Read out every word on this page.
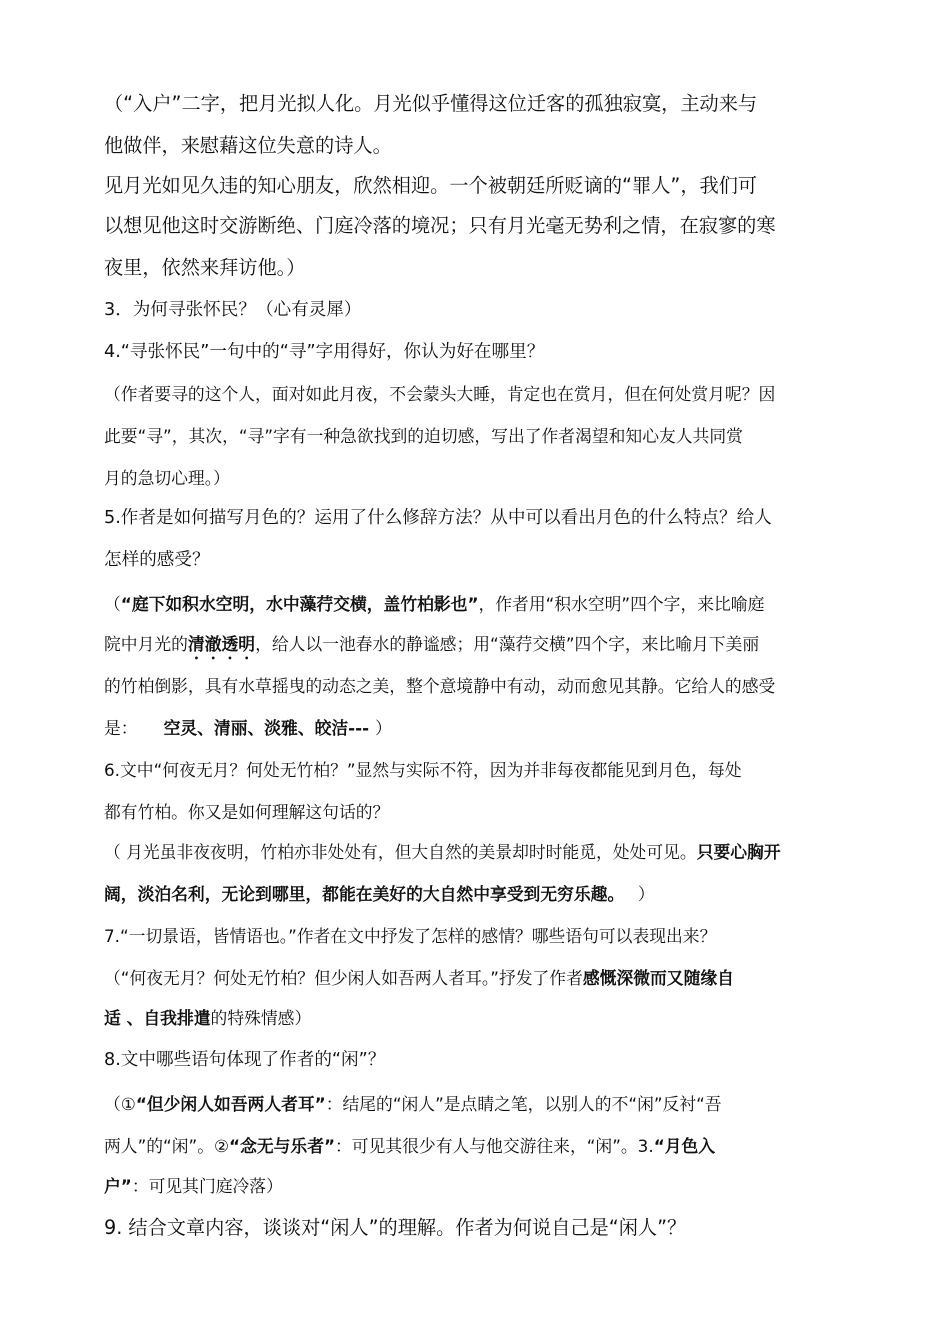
（“入户”二字，把月光拟人化。月光似乎懂得这位迁客的孤独寂寞，主动来与
他做伴，来慰藉这位失意的诗人。
见月光如见久违的知心朋友，欣然相迎。一个被朝廷所贬谪的“罪人”，我们可
以想见他这时交游断绝、门庭冷落的境况；只有月光毫无势利之情，在寂寥的寒
夜里，依然来拜访他。）
3．为何寻张怀民？（心有灵犀）
4.“寻张怀民”一句中的“寻”字用得好，你认为好在哪里？
（作者要寻的这个人，面对如此月夜，不会蒙头大睡，肯定也在赏月，但在何处赏月呢？因
此要“寻”，其次，“寻”字有一种急欲找到的迫切感，写出了作者渴望和知心友人共同赏
月的急切心理。）
5.作者是如何描写月色的？运用了什么修辞方法？从中可以看出月色的什么特点？给人
怎样的感受？
（“庭下如积水空明，水中藻荇交横，盖竹柏影也”，作者用“积水空明”四个字，来比喻庭
院中月光的清澈透明，给人以一池春水的静谧感；用“藻荇交横”四个字，来比喻月下美丽
的竹柏倒影，具有水草摇曳的动态之美，整个意境静中有动，动而愈见其静。它给人的感受
是： 空灵、清丽、淡雅、皎洁--- ）
6.文中“何夜无月？何处无竹柏？”显然与实际不符，因为并非每夜都能见到月色，每处
都有竹柏。你又是如何理解这句话的？
（ 月光虽非夜夜明，竹柏亦非处处有，但大自然的美景却时时能觅，处处可见。只要心胸开
阔，淡泊名利，无论到哪里，都能在美好的大自然中享受到无穷乐趣。 ）
7.“一切景语，皆情语也。”作者在文中抒发了怎样的感情？哪些语句可以表现出来？
（“何夜无月？何处无竹柏？但少闲人如吾两人者耳。”抒发了作者感慨深微而又随缘自
适 、自我排遣的特殊情感）
8.文中哪些语句体现了作者的“闲”？
（①“但少闲人如吾两人者耳”：结尾的“闲人”是点睛之笔，以别人的不“闲”反衬“吾
两人”的“闲”。②“念无与乐者”：可见其很少有人与他交游往来，“闲”。3.“月色入
户”：可见其门庭冷落）
9. 结合文章内容，谈谈对“闲人”的理解。作者为何说自己是“闲人”？
